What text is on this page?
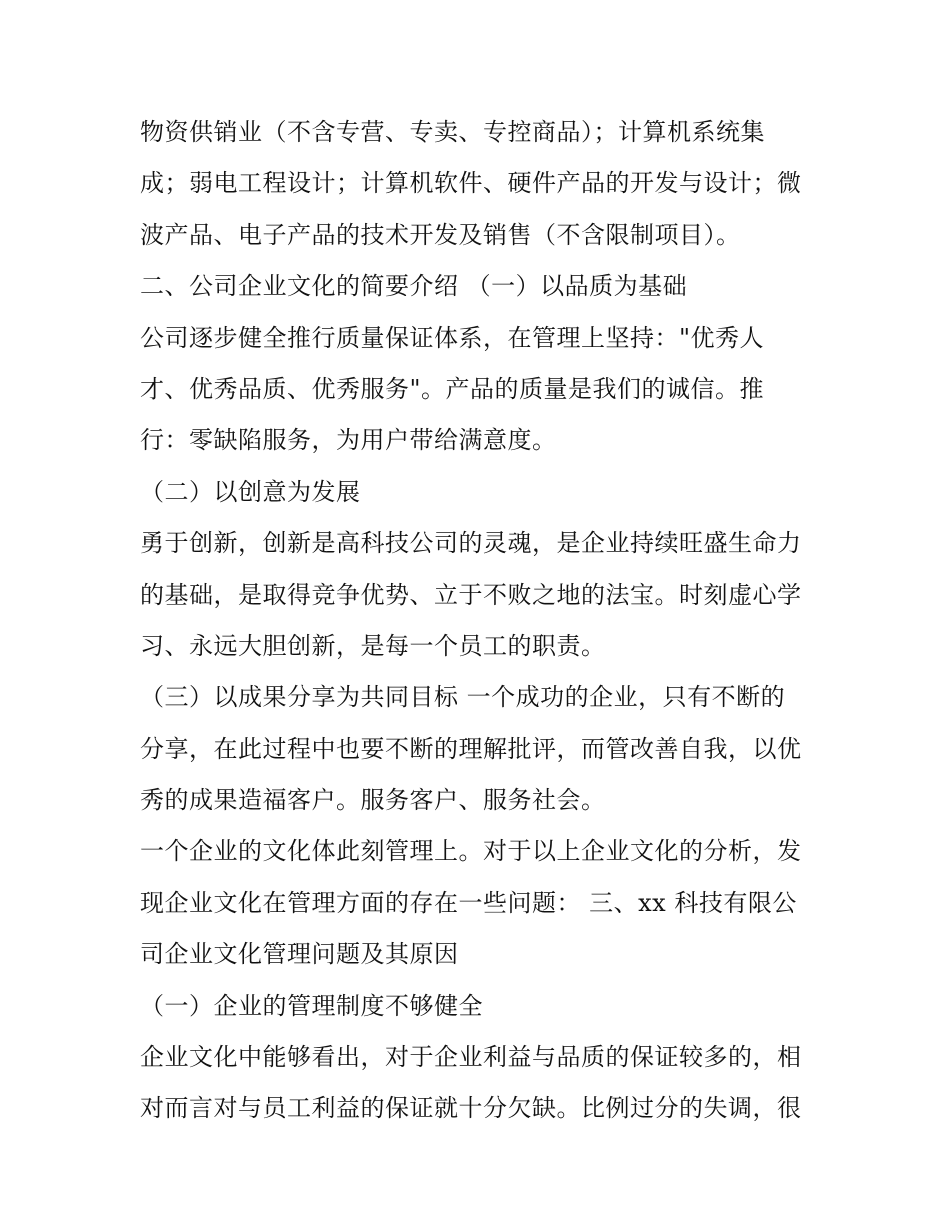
物资供销业（不含专营、专卖、专控商品）；计算机系统集
成；弱电工程设计；计算机软件、硬件产品的开发与设计；微
波产品、电子产品的技术开发及销售（不含限制项目）。
二、公司企业文化的简要介绍 （一）以品质为基础
公司逐步健全推行质量保证体系，在管理上坚持："优秀人
才、优秀品质、优秀服务"。产品的质量是我们的诚信。推
行：零缺陷服务，为用户带给满意度。
（二）以创意为发展
勇于创新，创新是高科技公司的灵魂，是企业持续旺盛生命力
的基础，是取得竞争优势、立于不败之地的法宝。时刻虚心学
习、永远大胆创新，是每一个员工的职责。
（三）以成果分享为共同目标 一个成功的企业，只有不断的
分享，在此过程中也要不断的理解批评，而管改善自我，以优
秀的成果造福客户。服务客户、服务社会。
一个企业的文化体此刻管理上。对于以上企业文化的分析，发
现企业文化在管理方面的存在一些问题： 三、xx 科技有限公
司企业文化管理问题及其原因
（一）企业的管理制度不够健全
企业文化中能够看出，对于企业利益与品质的保证较多的，相
对而言对与员工利益的保证就十分欠缺。比例过分的失调，很
